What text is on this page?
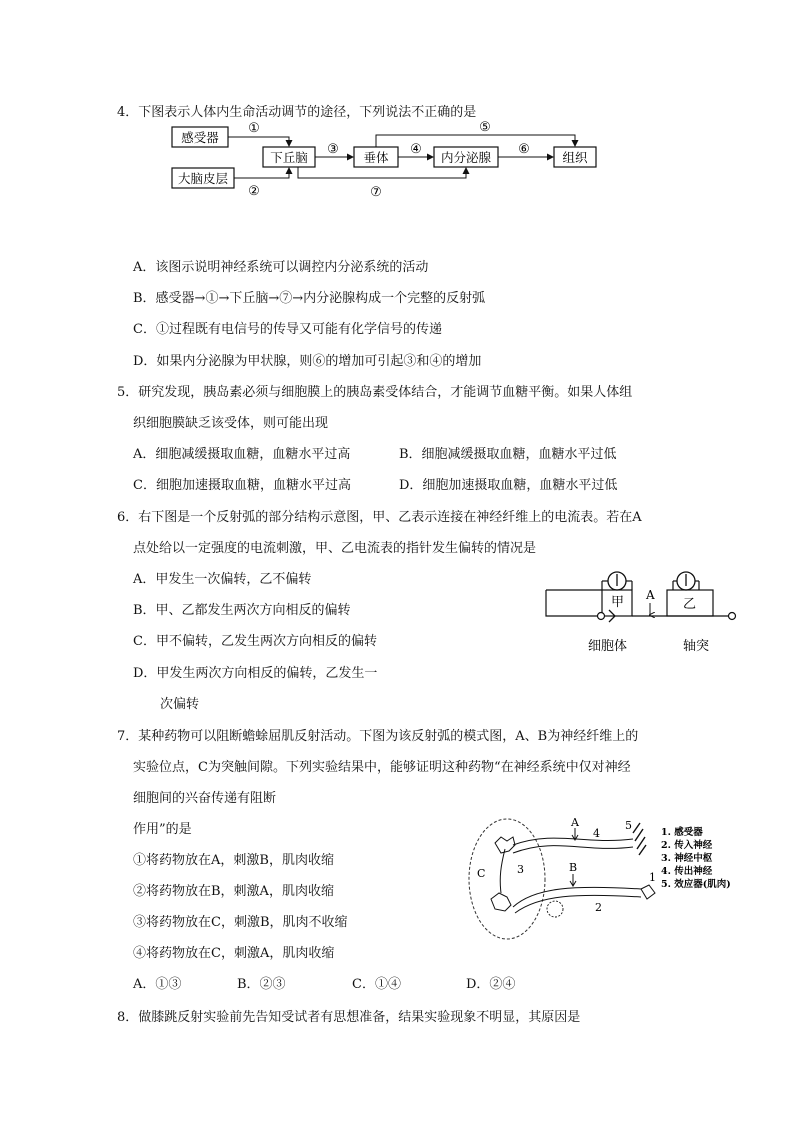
4．下图表示人体内生命活动调节的途径，下列说法不正确的是
感受器
大脑皮层
下丘脑	垂体	内分泌腺	组织
①
②
③	④
⑤
⑥
⑦
A．该图示说明神经系统可以调控内分泌系统的活动
B．感受器→①→下丘脑→⑦→内分泌腺构成一个完整的反射弧
C．①过程既有电信号的传导又可能有化学信号的传递
D．如果内分泌腺为甲状腺，则⑥的增加可引起③和④的增加
5．研究发现，胰岛素必须与细胞膜上的胰岛素受体结合，才能调节血糖平衡。如果人体组
织细胞膜缺乏该受体，则可能出现
A．细胞减缓摄取血糖，血糖水平过高	B．细胞减缓摄取血糖，血糖水平过低
C．细胞加速摄取血糖，血糖水平过高	D．细胞加速摄取血糖，血糖水平过低
6．右下图是一个反射弧的部分结构示意图，甲、乙表示连接在神经纤维上的电流表。若在A
点处给以一定强度的电流刺激，甲、乙电流表的指针发生偏转的情况是
A．甲发生一次偏转，乙不偏转
B．甲、乙都发生两次方向相反的偏转
C．甲不偏转，乙发生两次方向相反的偏转
D．甲发生两次方向相反的偏转，乙发生一
次偏转
甲	乙
A
细胞体	轴突
7．某种药物可以阻断蟾蜍屈肌反射活动。下图为该反射弧的模式图，A、B为神经纤维上的
实验位点，C为突触间隙。下列实验结果中，能够证明这种药物“在神经系统中仅对神经
细胞间的兴奋传递有阻断
作用”的是
①将药物放在A，刺激B，肌肉收缩
②将药物放在B，刺激A，肌肉收缩
③将药物放在C，刺激B，肌肉不收缩
④将药物放在C，刺激A，肌肉收缩
A．①③	B．②③	C．①④	D．②④
C	3
5
4
A
2
B
1
1. 感受器
2. 传入神经
3. 神经中枢
4. 传出神经
5. 效应器(肌肉)
8．做膝跳反射实验前先告知受试者有思想准备，结果实验现象不明显，其原因是
